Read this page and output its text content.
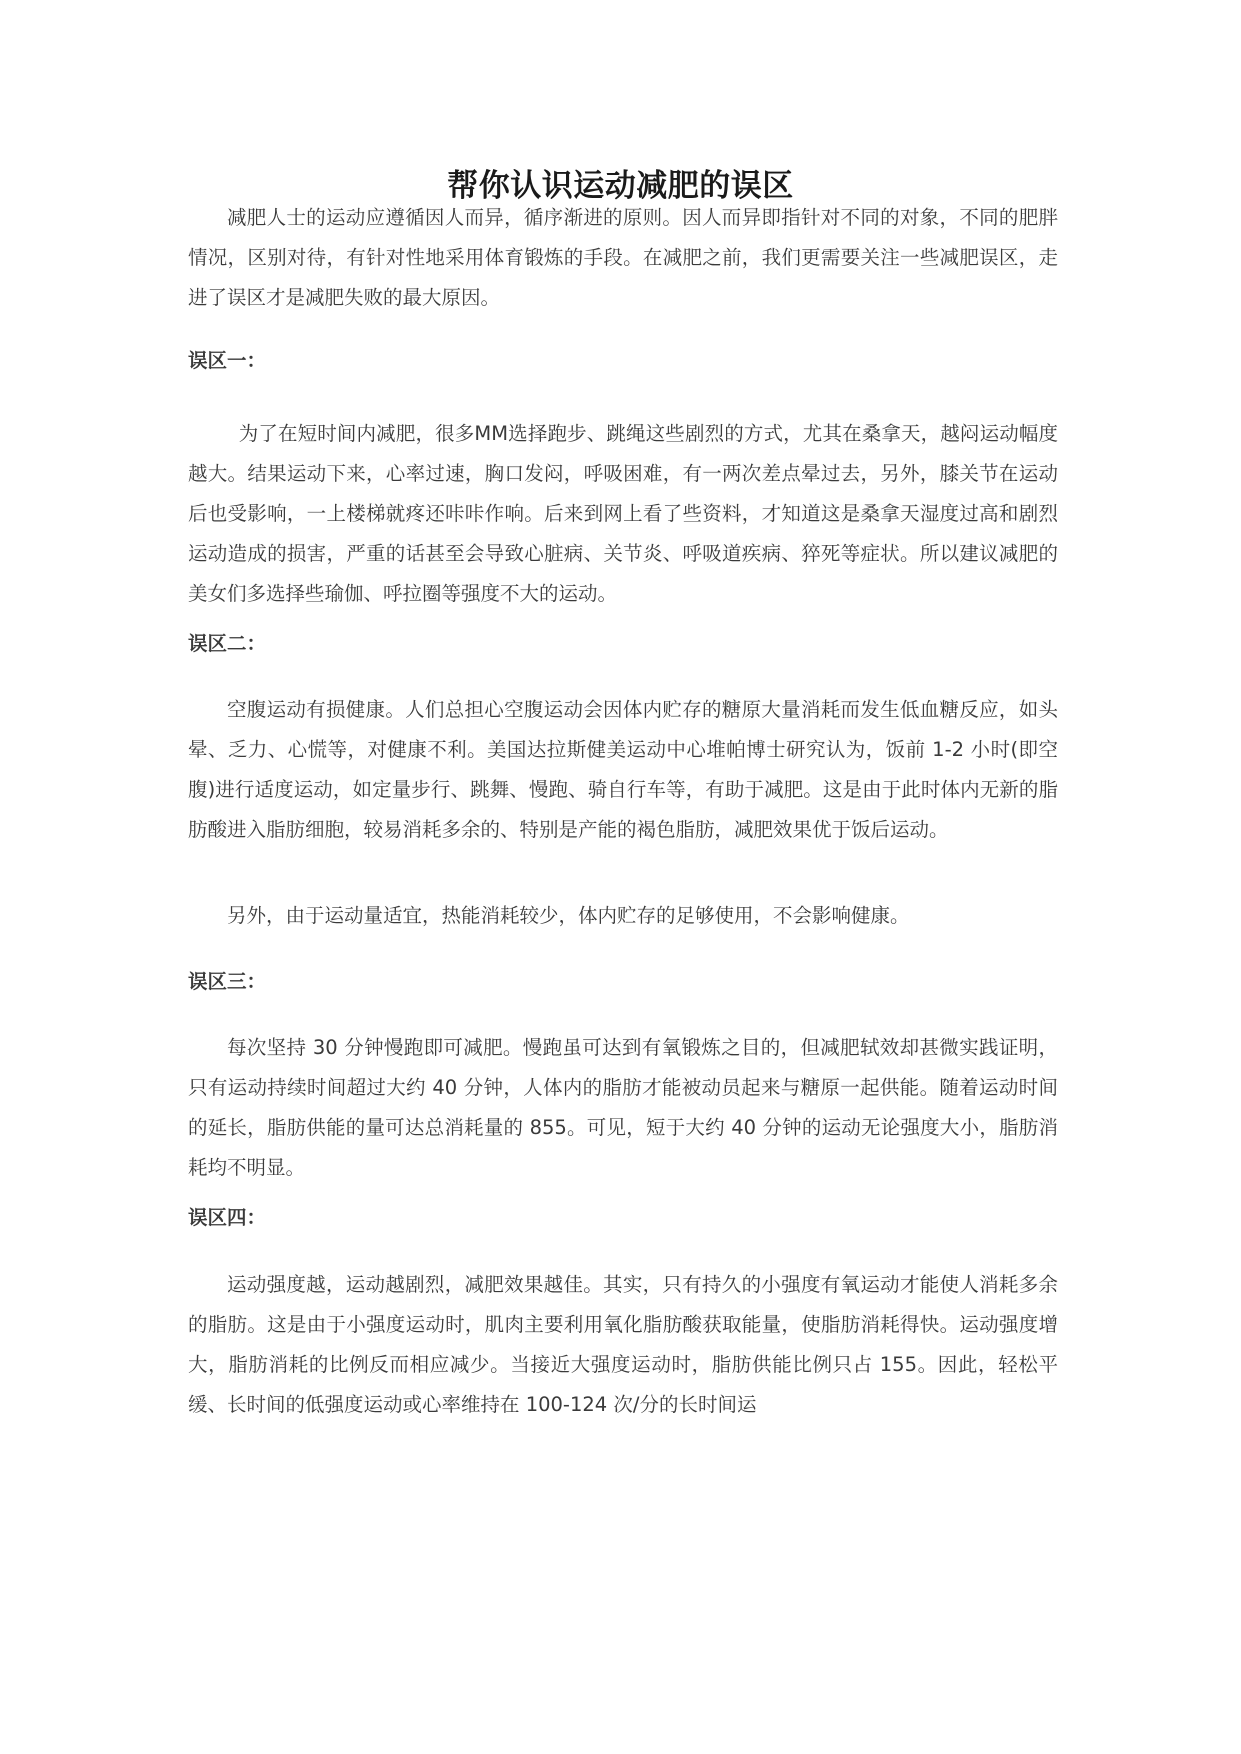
帮你认识运动减肥的误区

减肥人士的运动应遵循因人而异，循序渐进的原则。因人而异即指针对不同的对象，不同的肥胖情况，区别对待，有针对性地采用体育锻炼的手段。在减肥之前，我们更需要关注一些减肥误区，走进了误区才是减肥失败的最大原因。

误区一：

为了在短时间内减肥，很多MM选择跑步、跳绳这些剧烈的方式，尤其在桑拿天，越闷运动幅度越大。结果运动下来，心率过速，胸口发闷，呼吸困难，有一两次差点晕过去，另外，膝关节在运动后也受影响，一上楼梯就疼还咔咔作响。后来到网上看了些资料，才知道这是桑拿天湿度过高和剧烈运动造成的损害，严重的话甚至会导致心脏病、关节炎、呼吸道疾病、猝死等症状。所以建议减肥的美女们多选择些瑜伽、呼拉圈等强度不大的运动。

误区二：

空腹运动有损健康。人们总担心空腹运动会因体内贮存的糖原大量消耗而发生低血糖反应，如头晕、乏力、心慌等，对健康不利。美国达拉斯健美运动中心堆帕博士研究认为，饭前 1-2 小时(即空腹)进行适度运动，如定量步行、跳舞、慢跑、骑自行车等，有助于减肥。这是由于此时体内无新的脂肪酸进入脂肪细胞，较易消耗多余的、特别是产能的褐色脂肪，减肥效果优于饭后运动。

另外，由于运动量适宜，热能消耗较少，体内贮存的足够使用，不会影响健康。

误区三：

每次坚持 30 分钟慢跑即可减肥。慢跑虽可达到有氧锻炼之目的，但减肥轼效却甚微实践证明，只有运动持续时间超过大约 40 分钟，人体内的脂肪才能被动员起来与糖原一起供能。随着运动时间的延长，脂肪供能的量可达总消耗量的 855。可见，短于大约 40 分钟的运动无论强度大小，脂肪消耗均不明显。

误区四：

运动强度越，运动越剧烈，减肥效果越佳。其实，只有持久的小强度有氧运动才能使人消耗多余的脂肪。这是由于小强度运动时，肌肉主要利用氧化脂肪酸获取能量，使脂肪消耗得快。运动强度增大，脂肪消耗的比例反而相应减少。当接近大强度运动时，脂肪供能比例只占 155。因此，轻松平缓、长时间的低强度运动或心率维持在 100-124 次/分的长时间运
